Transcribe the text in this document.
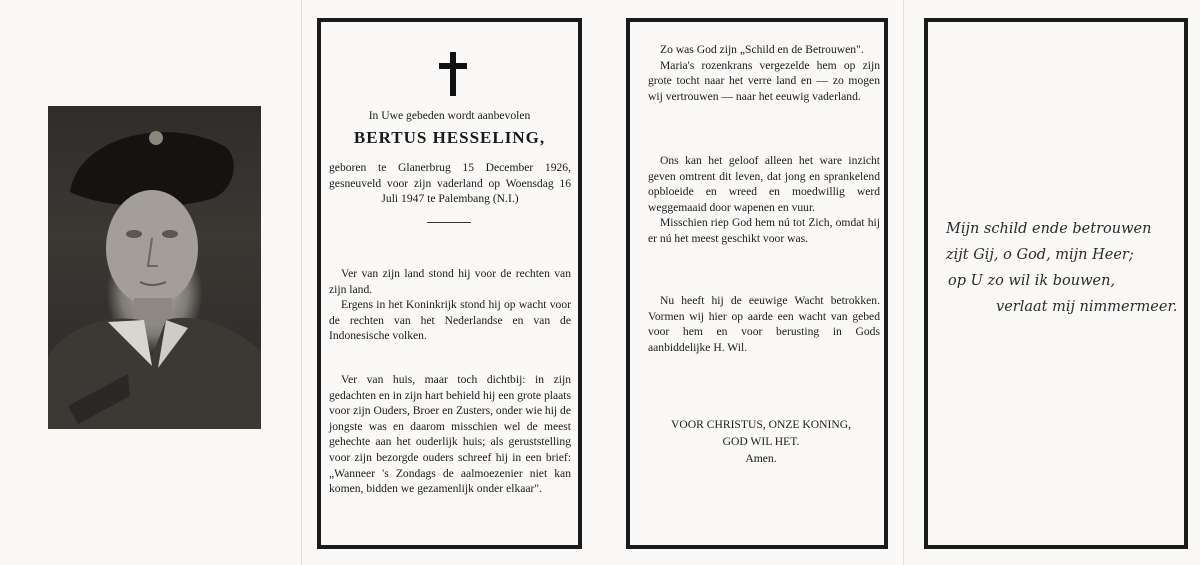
In Uwe gebeden wordt aanbevolen
BERTUS HESSELING,
geboren te Glanerbrug 15 December 1926, gesneuveld voor zijn vaderland op Woensdag 16 Juli 1947 te Palembang (N.I.)

Ver van zijn land stond hij voor de rechten van zijn land.

Ergens in het Koninkrijk stond hij op wacht voor de rechten van het Nederlandse en van de Indonesische volken.

Ver van huis, maar toch dichtbij: in zijn gedachten en in zijn hart behield hij een grote plaats voor zijn Ouders, Broer en Zusters, onder wie hij de jongste was en daarom misschien wel de meest gehechte aan het ouderlijk huis; als geruststelling voor zijn bezorgde ouders schreef hij in een brief: „Wanneer 's Zondags de aalmoezenier niet kan komen, bidden we gezamenlijk onder elkaar".

Zo was God zijn „Schild en de Betrouwen".

Maria's rozenkrans vergezelde hem op zijn grote tocht naar het verre land en — zo mogen wij vertrouwen — naar het eeuwig vaderland.

Ons kan het geloof alleen het ware inzicht geven omtrent dit leven, dat jong en sprankelend opbloeide en wreed en moedwillig werd weggemaaid door wapenen en vuur.

Misschien riep God hem nú tot Zich, omdat hij er nú het meest geschikt voor was.

Nu heeft hij de eeuwige Wacht betrokken. Vormen wij hier op aarde een wacht van gebed voor hem en voor berusting in Gods aanbiddelijke H. Wil.

VOOR CHRISTUS, ONZE KONING,
GOD WIL HET.
Amen.
Mijn schild ende betrouwen
zijt Gij, o God, mijn Heer;
op U zo wil ik bouwen,
verlaat mij nimmermeer.
